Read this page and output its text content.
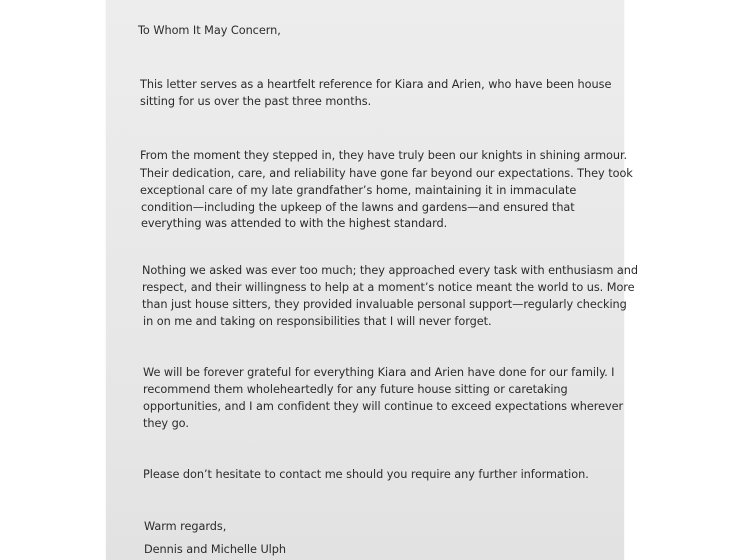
To Whom It May Concern,

This letter serves as a heartfelt reference for Kiara and Arien, who have been house

sitting for us over the past three months.

From the moment they stepped in, they have truly been our knights in shining armour.

Their dedication, care, and reliability have gone far beyond our expectations. They took

exceptional care of my late grandfather’s home, maintaining it in immaculate

condition—including the upkeep of the lawns and gardens—and ensured that

everything was attended to with the highest standard.

Nothing we asked was ever too much; they approached every task with enthusiasm and

respect, and their willingness to help at a moment’s notice meant the world to us. More

than just house sitters, they provided invaluable personal support—regularly checking

in on me and taking on responsibilities that I will never forget.

We will be forever grateful for everything Kiara and Arien have done for our family. I

recommend them wholeheartedly for any future house sitting or caretaking

opportunities, and I am confident they will continue to exceed expectations wherever

they go.

Please don’t hesitate to contact me should you require any further information.

Warm regards,

Dennis and Michelle Ulph
